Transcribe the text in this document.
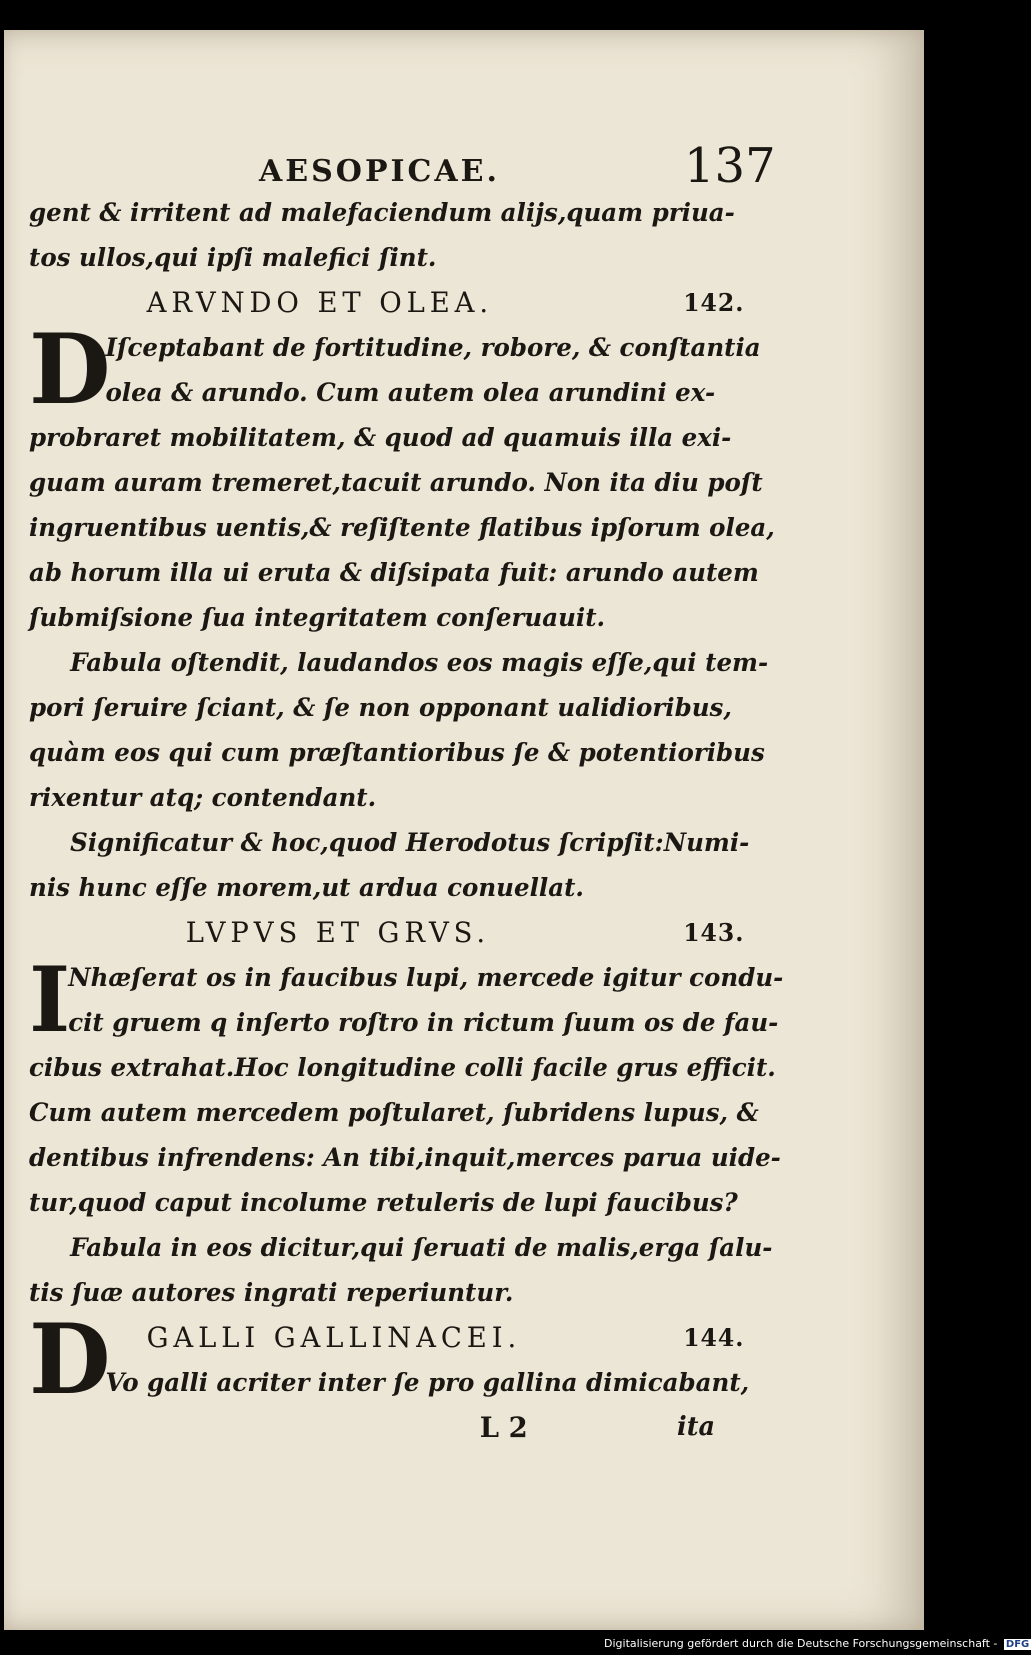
AESOPICAE.	137
gent & irritent ad malefaciendum alijs,quam priua-
tos ullos,qui ipſi malefici ſint.
ARVNDO ET OLEA.	142.
D
Iſceptabant de fortitudine, robore, & conſtantia
olea & arundo. Cum autem olea arundini ex-
probraret mobilitatem, & quod ad quamuis illa exi-
guam auram tremeret,tacuit arundo. Non ita diu poſt
ingruentibus uentis,& reſiſtente flatibus ipſorum olea,
ab horum illa ui eruta & diſsipata fuit: arundo autem
ſubmiſsione ſua integritatem conſeruauit.
Fabula oſtendit, laudandos eos magis eſſe,qui tem-
pori ſeruire ſciant, & ſe non opponant ualidioribus,
quàm eos qui cum præſtantioribus ſe & potentioribus
rixentur atq; contendant.
Significatur & hoc,quod Herodotus ſcripſit:Numi-
nis hunc eſſe morem,ut ardua conuellat.
LVPVS ET GRVS.	143.
I
Nhæſerat os in faucibus lupi, mercede igitur condu-
cit gruem q inſerto roſtro in rictum ſuum os de fau-
cibus extrahat.Hoc longitudine colli facile grus efficit.
Cum autem mercedem poſtularet, ſubridens lupus, &
dentibus infrendens: An tibi,inquit,merces parua uide-
tur,quod caput incolume retuleris de lupi faucibus?
Fabula in eos dicitur,qui ſeruati de malis,erga ſalu-
tis ſuæ autores ingrati reperiuntur.
D GALLI GALLINACEI.	144.
Vo galli acriter inter ſe pro gallina dimicabant,
L 2	ita
Digitalisierung gefördert durch die Deutsche Forschungsgemeinschaft - DFG
